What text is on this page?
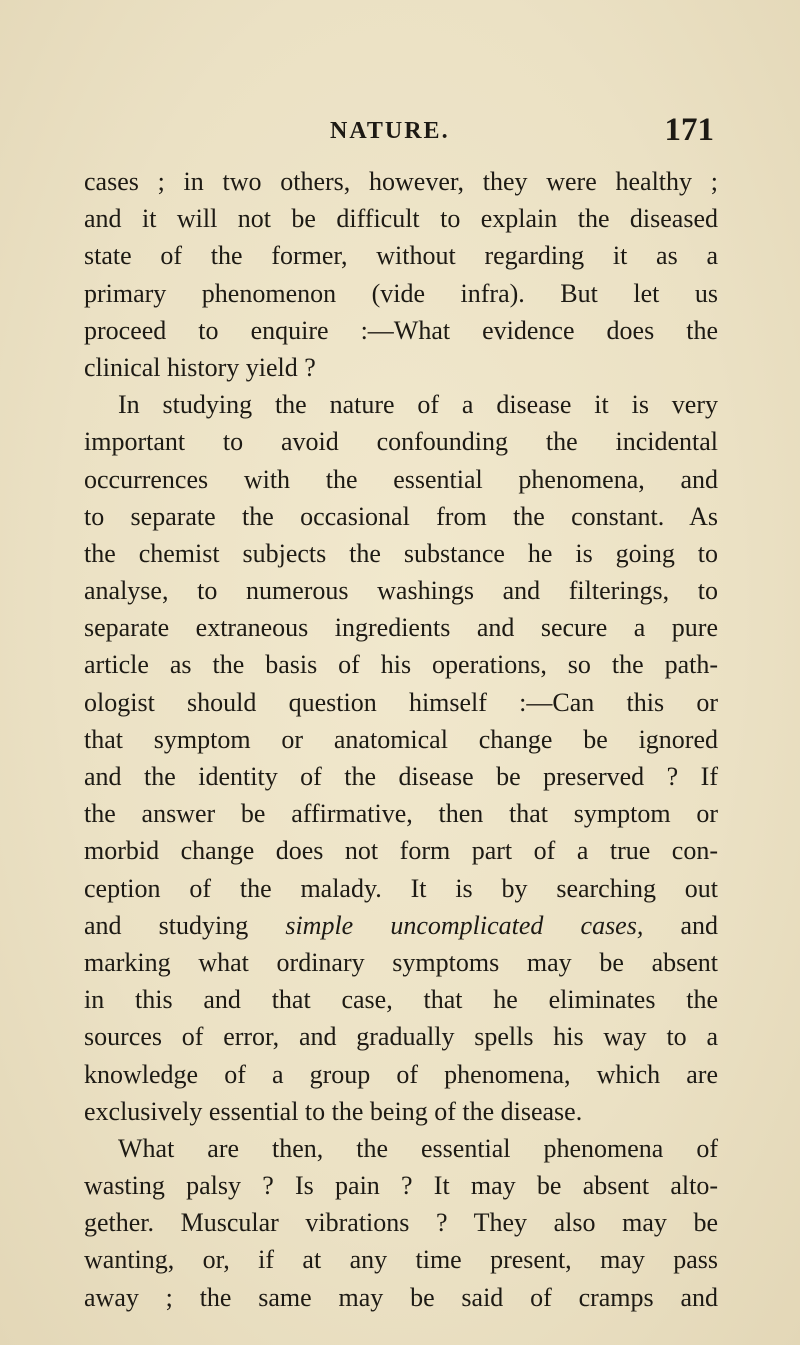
NATURE.	171
cases ; in two others, however, they were healthy ;
and it will not be difficult to explain the diseased
state of the former, without regarding it as a
primary phenomenon (vide infra). But let us
proceed to enquire :—What evidence does the
clinical history yield ?
In studying the nature of a disease it is very
important to avoid confounding the incidental
occurrences with the essential phenomena, and
to separate the occasional from the constant. As
the chemist subjects the substance he is going to
analyse, to numerous washings and filterings, to
separate extraneous ingredients and secure a pure
article as the basis of his operations, so the path-
ologist should question himself :—Can this or
that symptom or anatomical change be ignored
and the identity of the disease be preserved ? If
the answer be affirmative, then that symptom or
morbid change does not form part of a true con-
ception of the malady. It is by searching out
and studying simple uncomplicated cases, and
marking what ordinary symptoms may be absent
in this and that case, that he eliminates the
sources of error, and gradually spells his way to a
knowledge of a group of phenomena, which are
exclusively essential to the being of the disease.
What are then, the essential phenomena of
wasting palsy ? Is pain ? It may be absent alto-
gether. Muscular vibrations ? They also may be
wanting, or, if at any time present, may pass
away ; the same may be said of cramps and
